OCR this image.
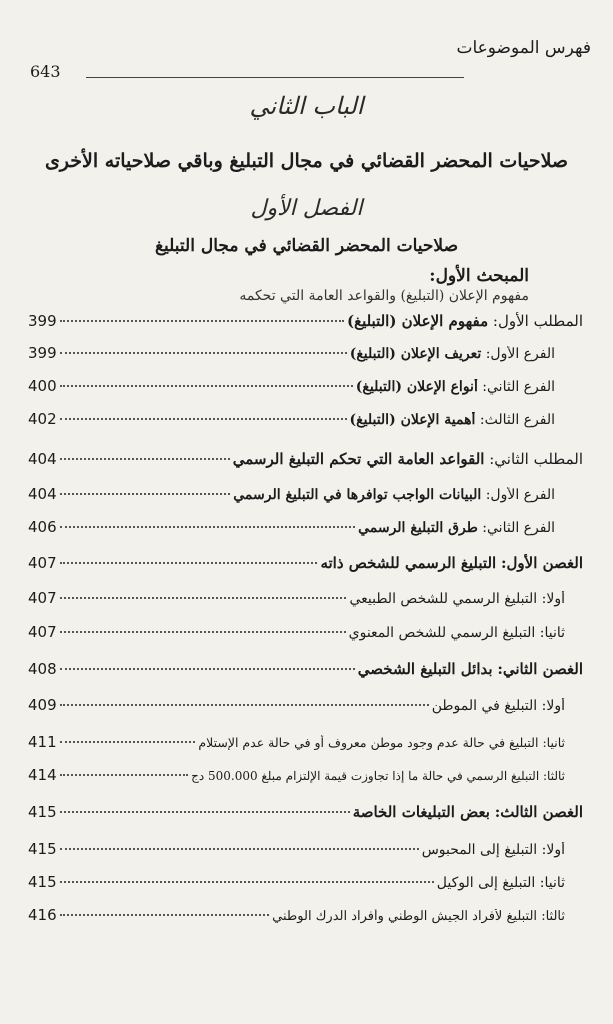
فهرس الموضوعات
643
الباب الثاني
صلاحيات المحضر القضائي في مجال التبليغ وباقي صلاحياته الأخرى
الفصل الأول
صلاحيات المحضر القضائي في مجال التبليغ
المبحث الأول:
مفهوم الإعلان (التبليغ) والقواعد العامة التي تحكمه
المطلب الأول: مفهوم الإعلان (التبليغ)
399
الفرع الأول: تعريف الإعلان (التبليغ)
399
الفرع الثاني: أنواع الإعلان (التبليغ)
400
الفرع الثالث: أهمية الإعلان (التبليغ)
402
المطلب الثاني: القواعد العامة التي تحكم التبليغ الرسمي
404
الفرع الأول: البيانات الواجب توافرها في التبليغ الرسمي
404
الفرع الثاني: طرق التبليغ الرسمي
406
الغصن الأول: التبليغ الرسمي للشخص ذاته
407
أولا: التبليغ الرسمي للشخص الطبيعي
407
ثانيا: التبليغ الرسمي للشخص المعنوي
407
الغصن الثاني: بدائل التبليغ الشخصي
408
أولا: التبليغ في الموطن
409
ثانيا: التبليغ في حالة عدم وجود موطن معروف أو في حالة عدم الإستلام
411
ثالثا: التبليغ الرسمي في حالة ما إذا تجاوزت قيمة الإلتزام مبلغ 500.000 دج
414
الغصن الثالث: بعض التبليغات الخاصة
415
أولا: التبليغ إلى المحبوس
415
ثانيا: التبليغ إلى الوكيل
415
ثالثا: التبليغ لأفراد الجيش الوطني وأفراد الدرك الوطني
416
